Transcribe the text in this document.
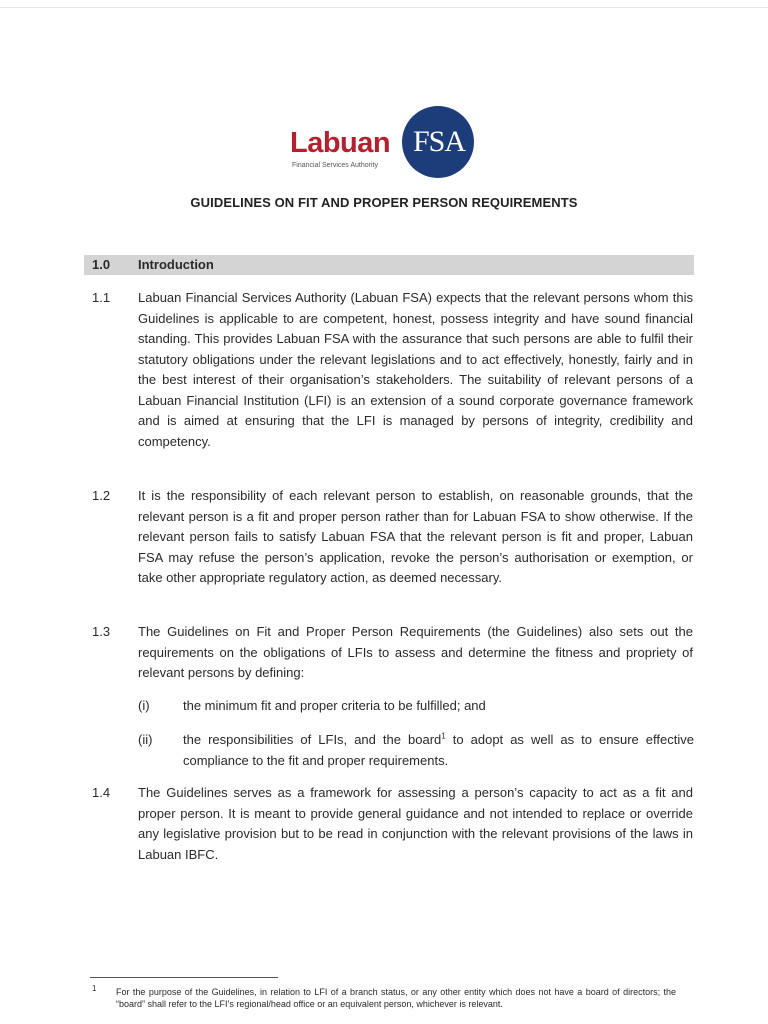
Labuan FSA
Financial Services Authority
GUIDELINES ON FIT AND PROPER PERSON REQUIREMENTS
1.0 Introduction
1.1 Labuan Financial Services Authority (Labuan FSA) expects that the relevant persons whom this Guidelines is applicable to are competent, honest, possess integrity and have sound financial standing. This provides Labuan FSA with the assurance that such persons are able to fulfil their statutory obligations under the relevant legislations and to act effectively, honestly, fairly and in the best interest of their organisation’s stakeholders. The suitability of relevant persons of a Labuan Financial Institution (LFI) is an extension of a sound corporate governance framework and is aimed at ensuring that the LFI is managed by persons of integrity, credibility and competency.
1.2 It is the responsibility of each relevant person to establish, on reasonable grounds, that the relevant person is a fit and proper person rather than for Labuan FSA to show otherwise. If the relevant person fails to satisfy Labuan FSA that the relevant person is fit and proper, Labuan FSA may refuse the person’s application, revoke the person’s authorisation or exemption, or take other appropriate regulatory action, as deemed necessary.
1.3 The Guidelines on Fit and Proper Person Requirements (the Guidelines) also sets out the requirements on the obligations of LFIs to assess and determine the fitness and propriety of relevant persons by defining:
(i)	the minimum fit and proper criteria to be fulfilled; and
(ii) the responsibilities of LFIs, and the board$^1$ to adopt as well as to ensure effective compliance to the fit and proper requirements.
1.4 The Guidelines serves as a framework for assessing a person’s capacity to act as a fit and proper person. It is meant to provide general guidance and not intended to replace or override any legislative provision but to be read in conjunction with the relevant provisions of the laws in Labuan IBFC.
1 For the purpose of the Guidelines, in relation to LFI of a branch status, or any other entity which does not have a board of directors; the “board” shall refer to the LFI’s regional/head office or an equivalent person, whichever is relevant.
